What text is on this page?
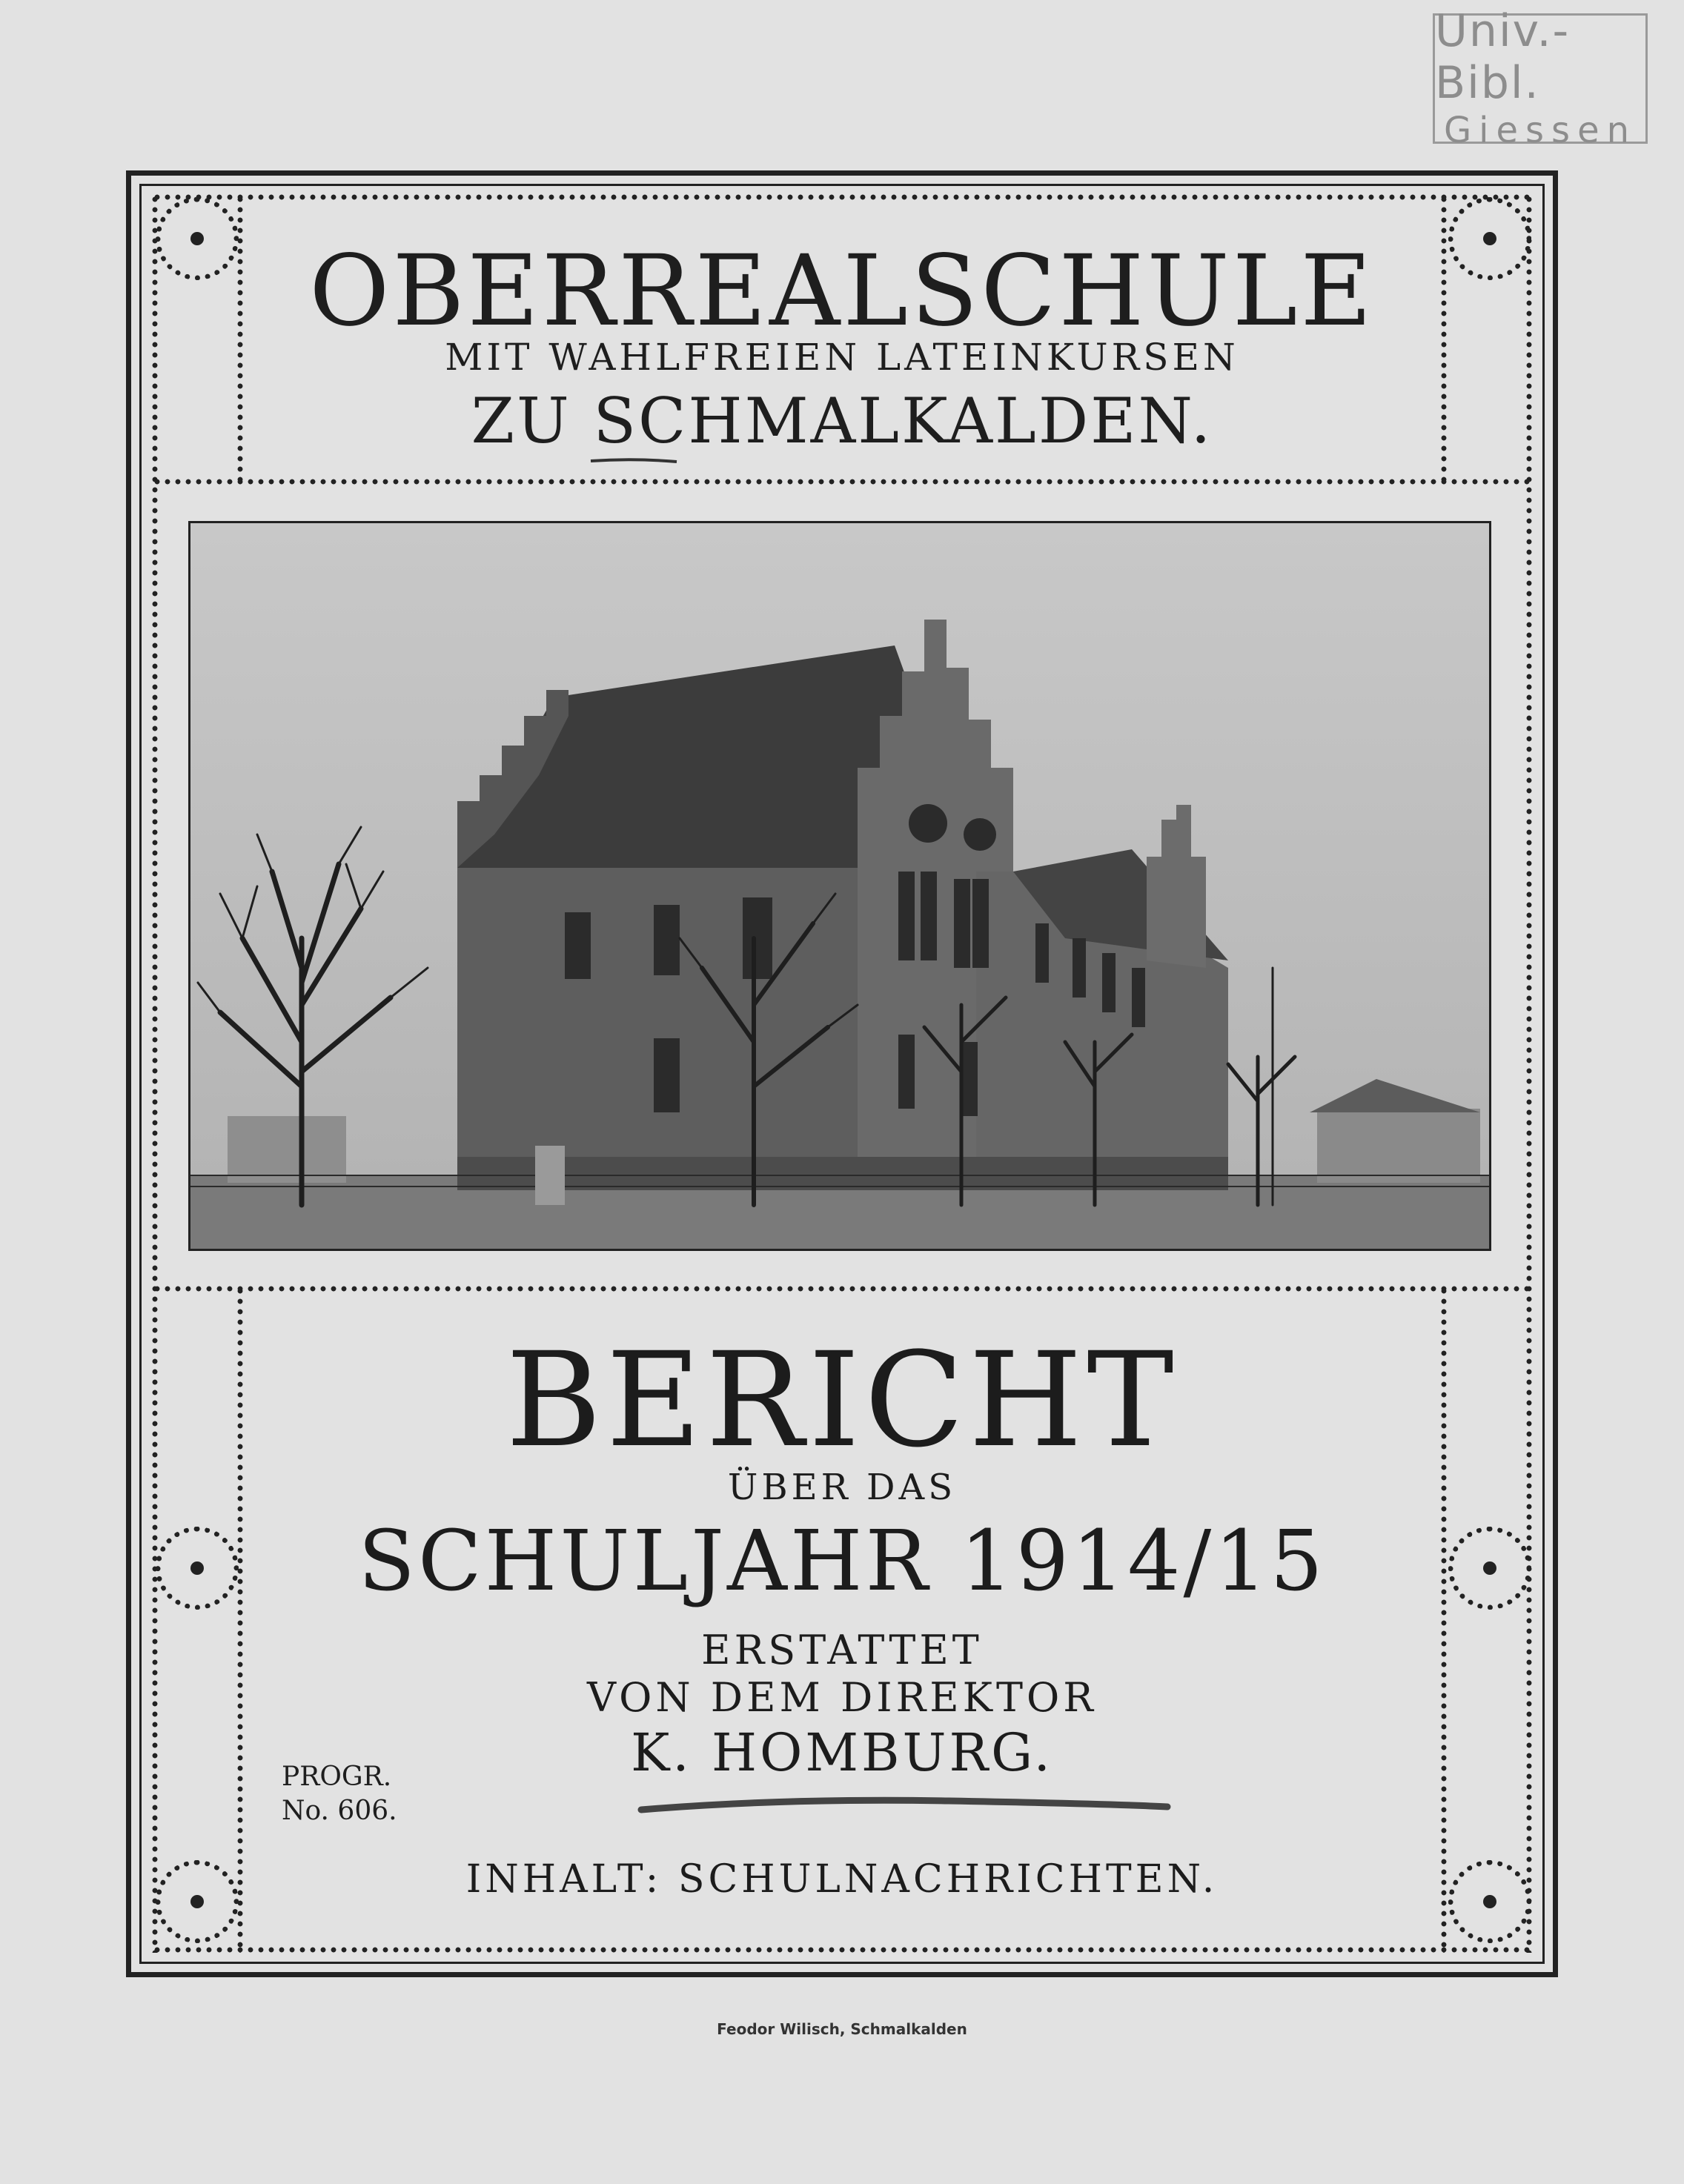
Univ.-Bibl.
Giessen
OBERREALSCHULE
MIT WAHLFREIEN LATEINKURSEN
ZU SCHMALKALDEN.
BERICHT
ÜBER DAS
SCHULJAHR 1914/15
ERSTATTET
VON DEM DIREKTOR
K. HOMBURG.
INHALT: SCHULNACHRICHTEN.
PROGR.
No. 606.
Feodor Wilisch, Schmalkalden
